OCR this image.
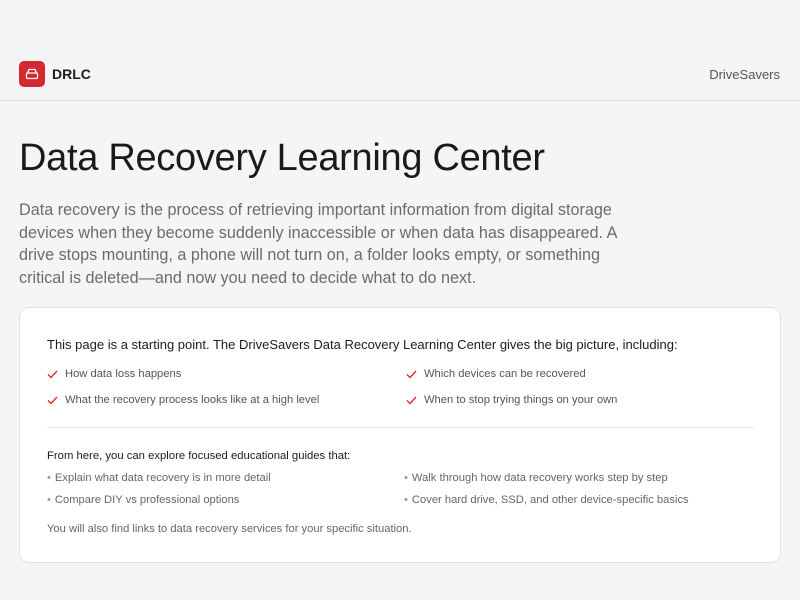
DRLC	DriveSavers
Data Recovery Learning Center

Data recovery is the process of retrieving important information from digital storage devices when they become suddenly inaccessible or when data has disappeared. A drive stops mounting, a phone will not turn on, a folder looks empty, or something critical is deleted—and now you need to decide what to do next.

This page is a starting point. The DriveSavers Data Recovery Learning Center gives the big picture, including:
How data loss happens	Which devices can be recovered
What the recovery process looks like at a high level	When to stop trying things on your own
From here, you can explore focused educational guides that:
• Explain what data recovery is in more detail	• Walk through how data recovery works step by step
• Compare DIY vs professional options	• Cover hard drive, SSD, and other device-specific basics
You will also find links to data recovery services for your specific situation.
